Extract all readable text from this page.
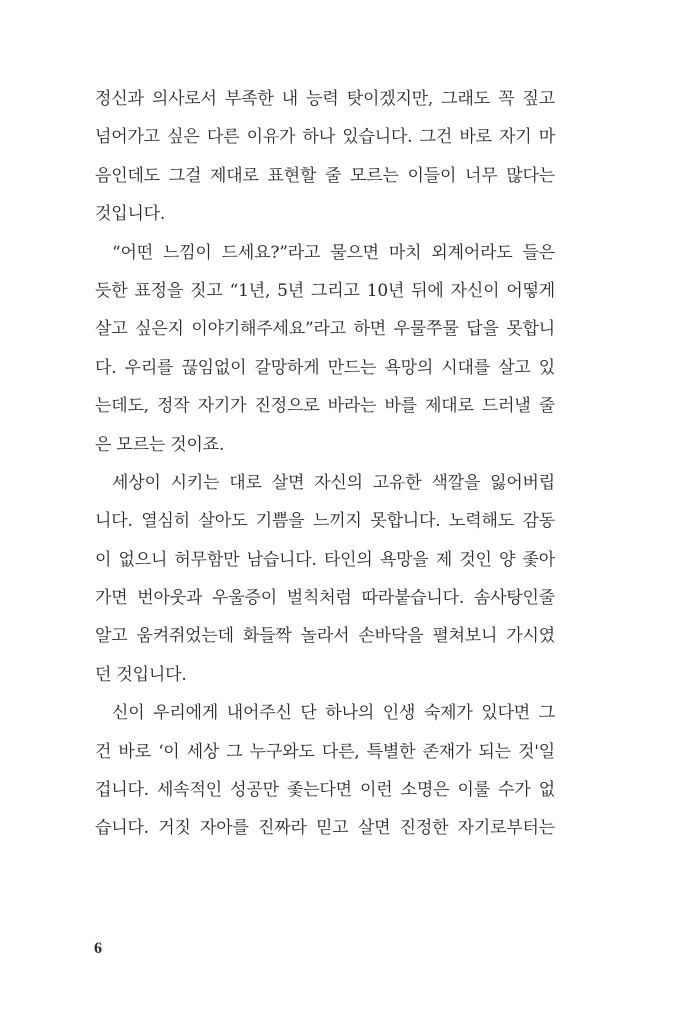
정신과 의사로서 부족한 내 능력 탓이겠지만, 그래도 꼭 짚고
넘어가고 싶은 다른 이유가 하나 있습니다. 그건 바로 자기 마
음인데도 그걸 제대로 표현할 줄 모르는 이들이 너무 많다는
것입니다.
“어떤 느낌이 드세요?”라고 물으면 마치 외계어라도 들은
듯한 표정을 짓고 “1년, 5년 그리고 10년 뒤에 자신이 어떻게
살고 싶은지 이야기해주세요”라고 하면 우물쭈물 답을 못합니
다. 우리를 끊임없이 갈망하게 만드는 욕망의 시대를 살고 있
는데도, 정작 자기가 진정으로 바라는 바를 제대로 드러낼 줄
은 모르는 것이죠.
세상이 시키는 대로 살면 자신의 고유한 색깔을 잃어버립
니다. 열심히 살아도 기쁨을 느끼지 못합니다. 노력해도 감동
이 없으니 허무함만 남습니다. 타인의 욕망을 제 것인 양 좇아
가면 번아웃과 우울증이 벌칙처럼 따라붙습니다. 솜사탕인줄
알고 움켜쥐었는데 화들짝 놀라서 손바닥을 펼쳐보니 가시였
던 것입니다.
신이 우리에게 내어주신 단 하나의 인생 숙제가 있다면 그
건 바로 ‘이 세상 그 누구와도 다른, 특별한 존재가 되는 것'일
겁니다. 세속적인 성공만 좇는다면 이런 소명은 이룰 수가 없
습니다. 거짓 자아를 진짜라 믿고 살면 진정한 자기로부터는
6
